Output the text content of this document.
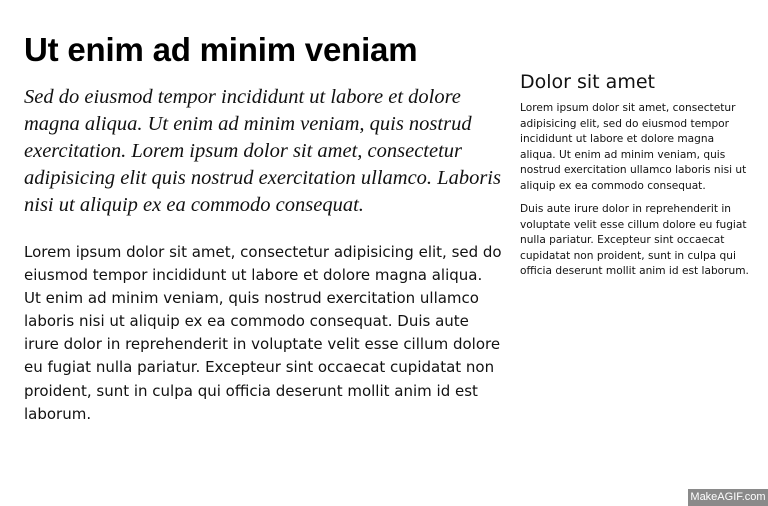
Ut enim ad minim veniam

Sed do eiusmod tempor incididunt ut labore et dolore magna aliqua. Ut enim ad minim veniam, quis nostrud exercitation. Lorem ipsum dolor sit amet, consectetur adipisicing elit quis nostrud exercitation ullamco. Laboris nisi ut aliquip ex ea commodo consequat.

Lorem ipsum dolor sit amet, consectetur adipisicing elit, sed do eiusmod tempor incididunt ut labore et dolore magna aliqua. Ut enim ad minim veniam, quis nostrud exercitation ullamco laboris nisi ut aliquip ex ea commodo consequat. Duis aute irure dolor in reprehenderit in voluptate velit esse cillum dolore eu fugiat nulla pariatur. Excepteur sint occaecat cupidatat non proident, sunt in culpa qui officia deserunt mollit anim id est laborum.

Dolor sit amet

Lorem ipsum dolor sit amet, consectetur adipisicing elit, sed do eiusmod tempor incididunt ut labore et dolore magna aliqua. Ut enim ad minim veniam, quis nostrud exercitation ullamco laboris nisi ut aliquip ex ea commodo consequat.

Duis aute irure dolor in reprehenderit in voluptate velit esse cillum dolore eu fugiat nulla pariatur. Excepteur sint occaecat cupidatat non proident, sunt in culpa qui officia deserunt mollit anim id est laborum.

MakeAGIF.com
